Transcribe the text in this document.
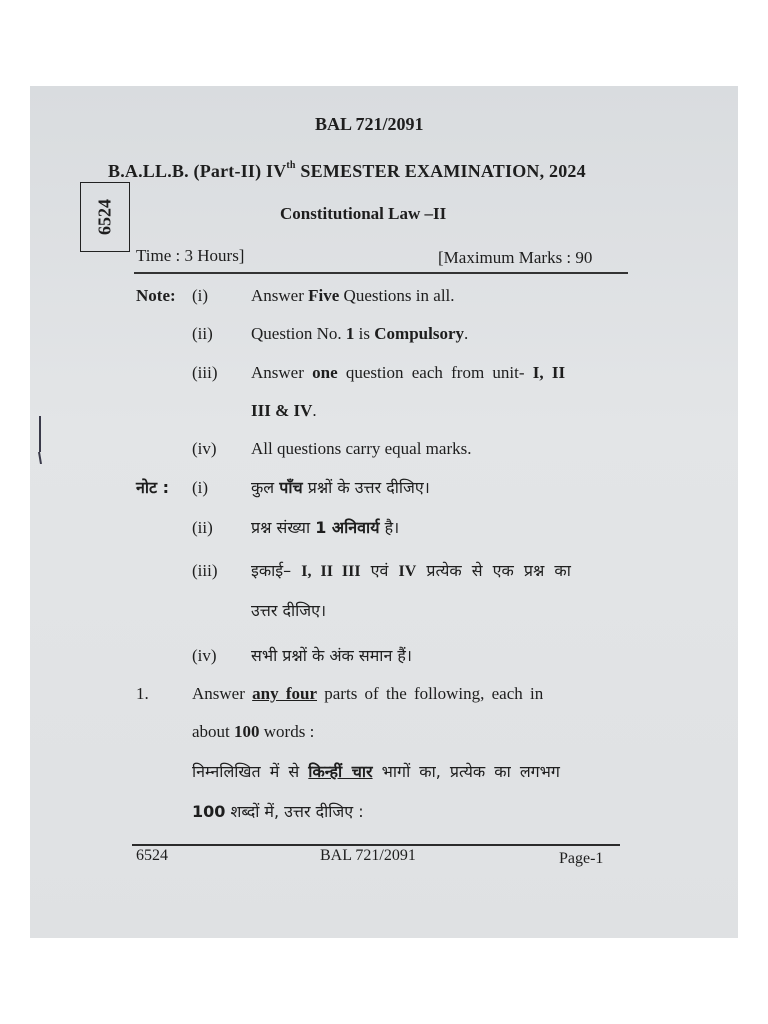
BAL 721/2091
B.A.LL.B. (Part-II) IVth SEMESTER EXAMINATION, 2024
6524	Constitutional Law –II
Time : 3 Hours]	[Maximum Marks : 90
Note: (i)	Answer Five Questions in all.
(ii) Question No. 1 is Compulsory.
(iii) Answer one question each from unit- I, II
III & IV.
(iv) All questions carry equal marks.
नोट : (i)	कुल पाँच प्रश्नों के उत्तर दीजिए।
(ii) प्रश्न संख्या 1 अनिवार्य है।
(iii) इकाई– I, II III एवं IV प्रत्येक से एक प्रश्न का
उत्तर दीजिए।
(iv) सभी प्रश्नों के अंक समान हैं।
1.	Answer any four parts of the following, each in
about 100 words :
निम्नलिखित में से किन्हीं चार भागों का, प्रत्येक का लगभग
100 शब्दों में, उत्तर दीजिए :
6524	BAL 721/2091	Page-1
